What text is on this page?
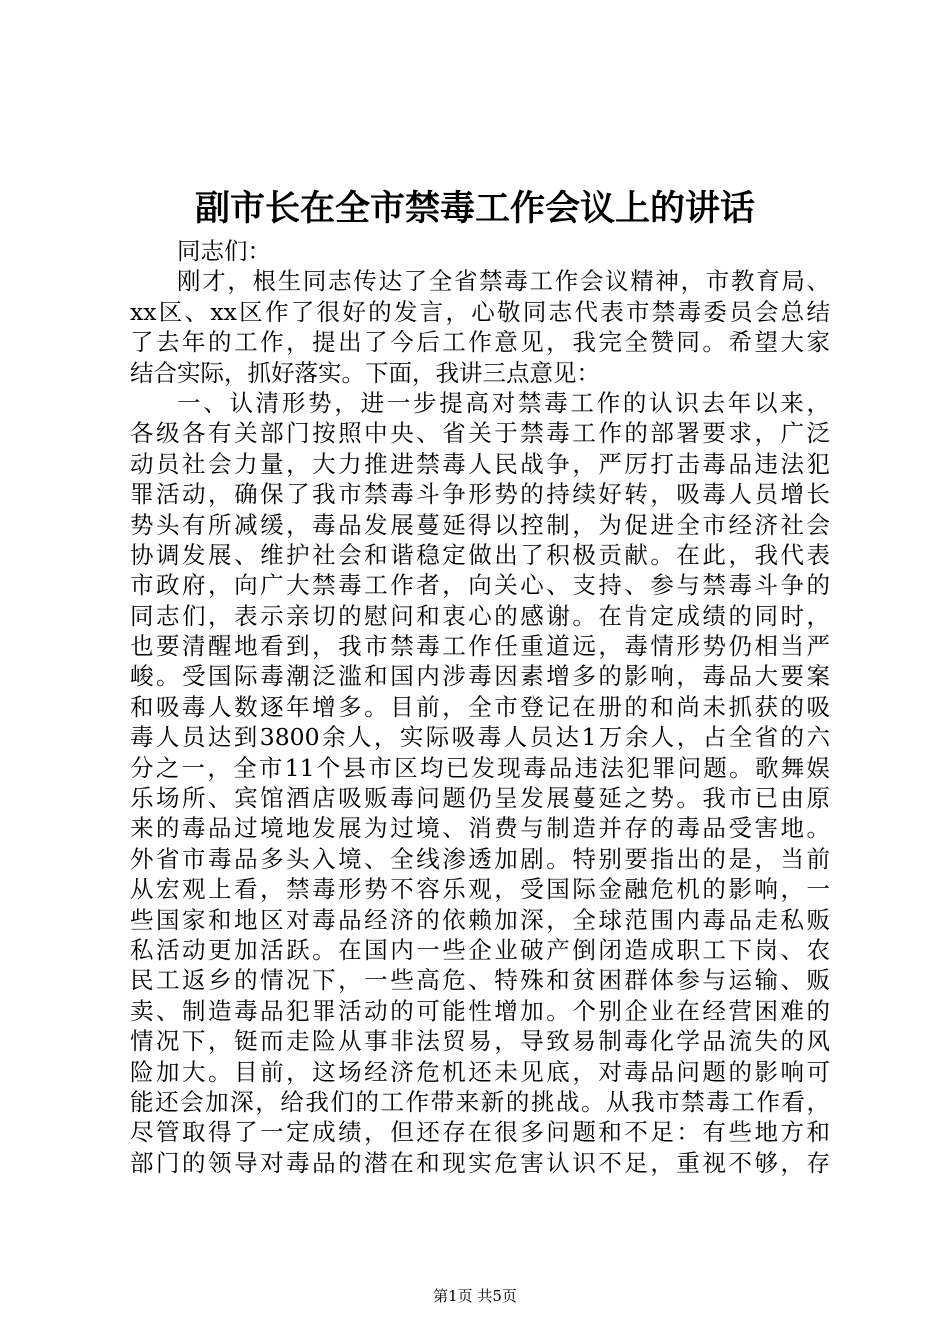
副市长在全市禁毒工作会议上的讲话
同志们：
刚才，根生同志传达了全省禁毒工作会议精神，市教育局、
xx区、xx区作了很好的发言，心敬同志代表市禁毒委员会总结
了去年的工作，提出了今后工作意见，我完全赞同。希望大家
结合实际，抓好落实。下面，我讲三点意见：
一、认清形势，进一步提高对禁毒工作的认识去年以来，
各级各有关部门按照中央、省关于禁毒工作的部署要求，广泛
动员社会力量，大力推进禁毒人民战争，严厉打击毒品违法犯
罪活动，确保了我市禁毒斗争形势的持续好转，吸毒人员增长
势头有所减缓，毒品发展蔓延得以控制，为促进全市经济社会
协调发展、维护社会和谐稳定做出了积极贡献。在此，我代表
市政府，向广大禁毒工作者，向关心、支持、参与禁毒斗争的
同志们，表示亲切的慰问和衷心的感谢。在肯定成绩的同时，
也要清醒地看到，我市禁毒工作任重道远，毒情形势仍相当严
峻。受国际毒潮泛滥和国内涉毒因素增多的影响，毒品大要案
和吸毒人数逐年增多。目前，全市登记在册的和尚未抓获的吸
毒人员达到3800余人，实际吸毒人员达1万余人，占全省的六
分之一，全市11个县市区均已发现毒品违法犯罪问题。歌舞娱
乐场所、宾馆酒店吸贩毒问题仍呈发展蔓延之势。我市已由原
来的毒品过境地发展为过境、消费与制造并存的毒品受害地。
外省市毒品多头入境、全线渗透加剧。特别要指出的是，当前
从宏观上看，禁毒形势不容乐观，受国际金融危机的影响，一
些国家和地区对毒品经济的依赖加深，全球范围内毒品走私贩
私活动更加活跃。在国内一些企业破产倒闭造成职工下岗、农
民工返乡的情况下，一些高危、特殊和贫困群体参与运输、贩
卖、制造毒品犯罪活动的可能性增加。个别企业在经营困难的
情况下，铤而走险从事非法贸易，导致易制毒化学品流失的风
险加大。目前，这场经济危机还未见底，对毒品问题的影响可
能还会加深，给我们的工作带来新的挑战。从我市禁毒工作看，
尽管取得了一定成绩，但还存在很多问题和不足：有些地方和
部门的领导对毒品的潜在和现实危害认识不足，重视不够，存
第1页 共5页
